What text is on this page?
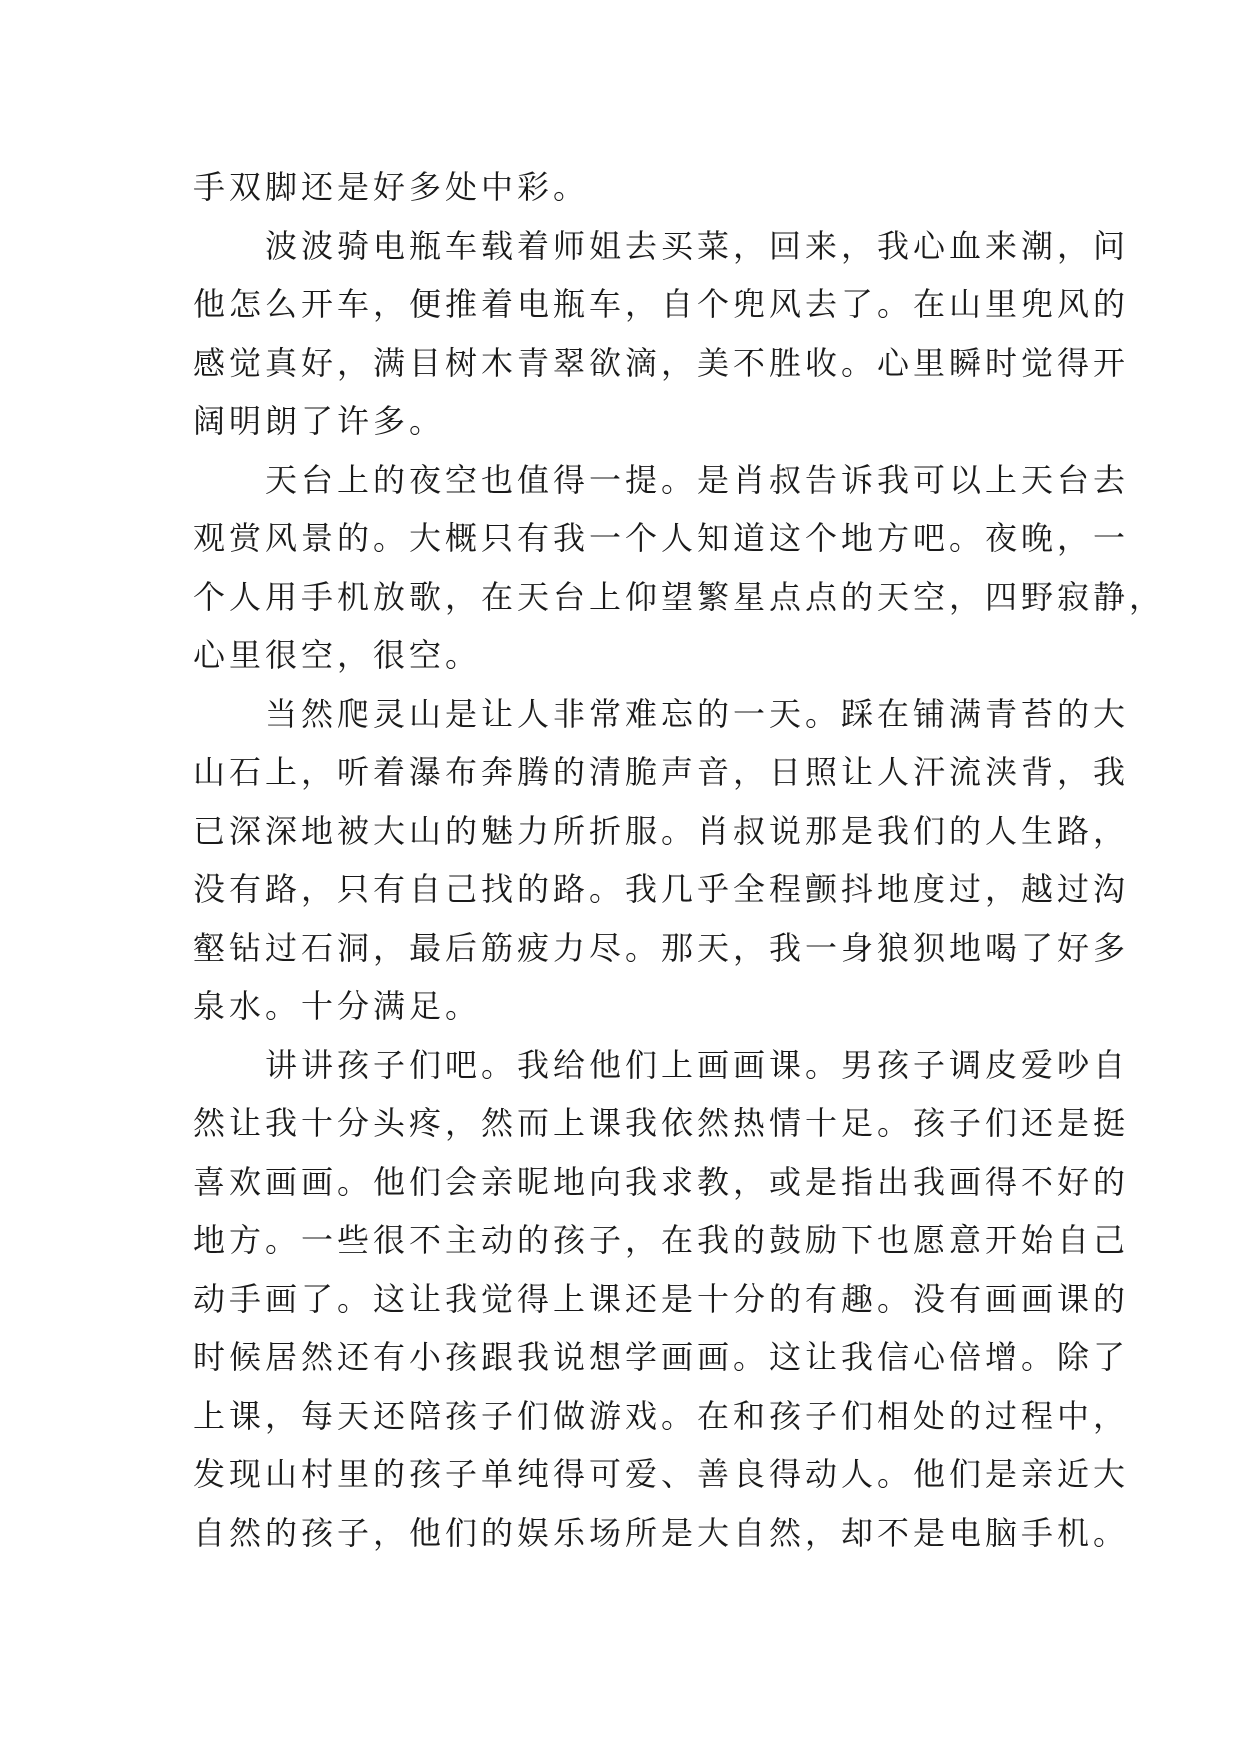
手双脚还是好多处中彩。
波波骑电瓶车载着师姐去买菜，回来，我心血来潮，问
他怎么开车，便推着电瓶车，自个兜风去了。在山里兜风的
感觉真好，满目树木青翠欲滴，美不胜收。心里瞬时觉得开
阔明朗了许多。
天台上的夜空也值得一提。是肖叔告诉我可以上天台去
观赏风景的。大概只有我一个人知道这个地方吧。夜晚，一
个人用手机放歌，在天台上仰望繁星点点的天空，四野寂静，
心里很空，很空。
当然爬灵山是让人非常难忘的一天。踩在铺满青苔的大
山石上，听着瀑布奔腾的清脆声音，日照让人汗流浃背，我
已深深地被大山的魅力所折服。肖叔说那是我们的人生路，
没有路，只有自己找的路。我几乎全程颤抖地度过，越过沟
壑钻过石洞，最后筋疲力尽。那天，我一身狼狈地喝了好多
泉水。十分满足。
讲讲孩子们吧。我给他们上画画课。男孩子调皮爱吵自
然让我十分头疼，然而上课我依然热情十足。孩子们还是挺
喜欢画画。他们会亲昵地向我求教，或是指出我画得不好的
地方。一些很不主动的孩子，在我的鼓励下也愿意开始自己
动手画了。这让我觉得上课还是十分的有趣。没有画画课的
时候居然还有小孩跟我说想学画画。这让我信心倍增。除了
上课，每天还陪孩子们做游戏。在和孩子们相处的过程中，
发现山村里的孩子单纯得可爱、善良得动人。他们是亲近大
自然的孩子，他们的娱乐场所是大自然，却不是电脑手机。
